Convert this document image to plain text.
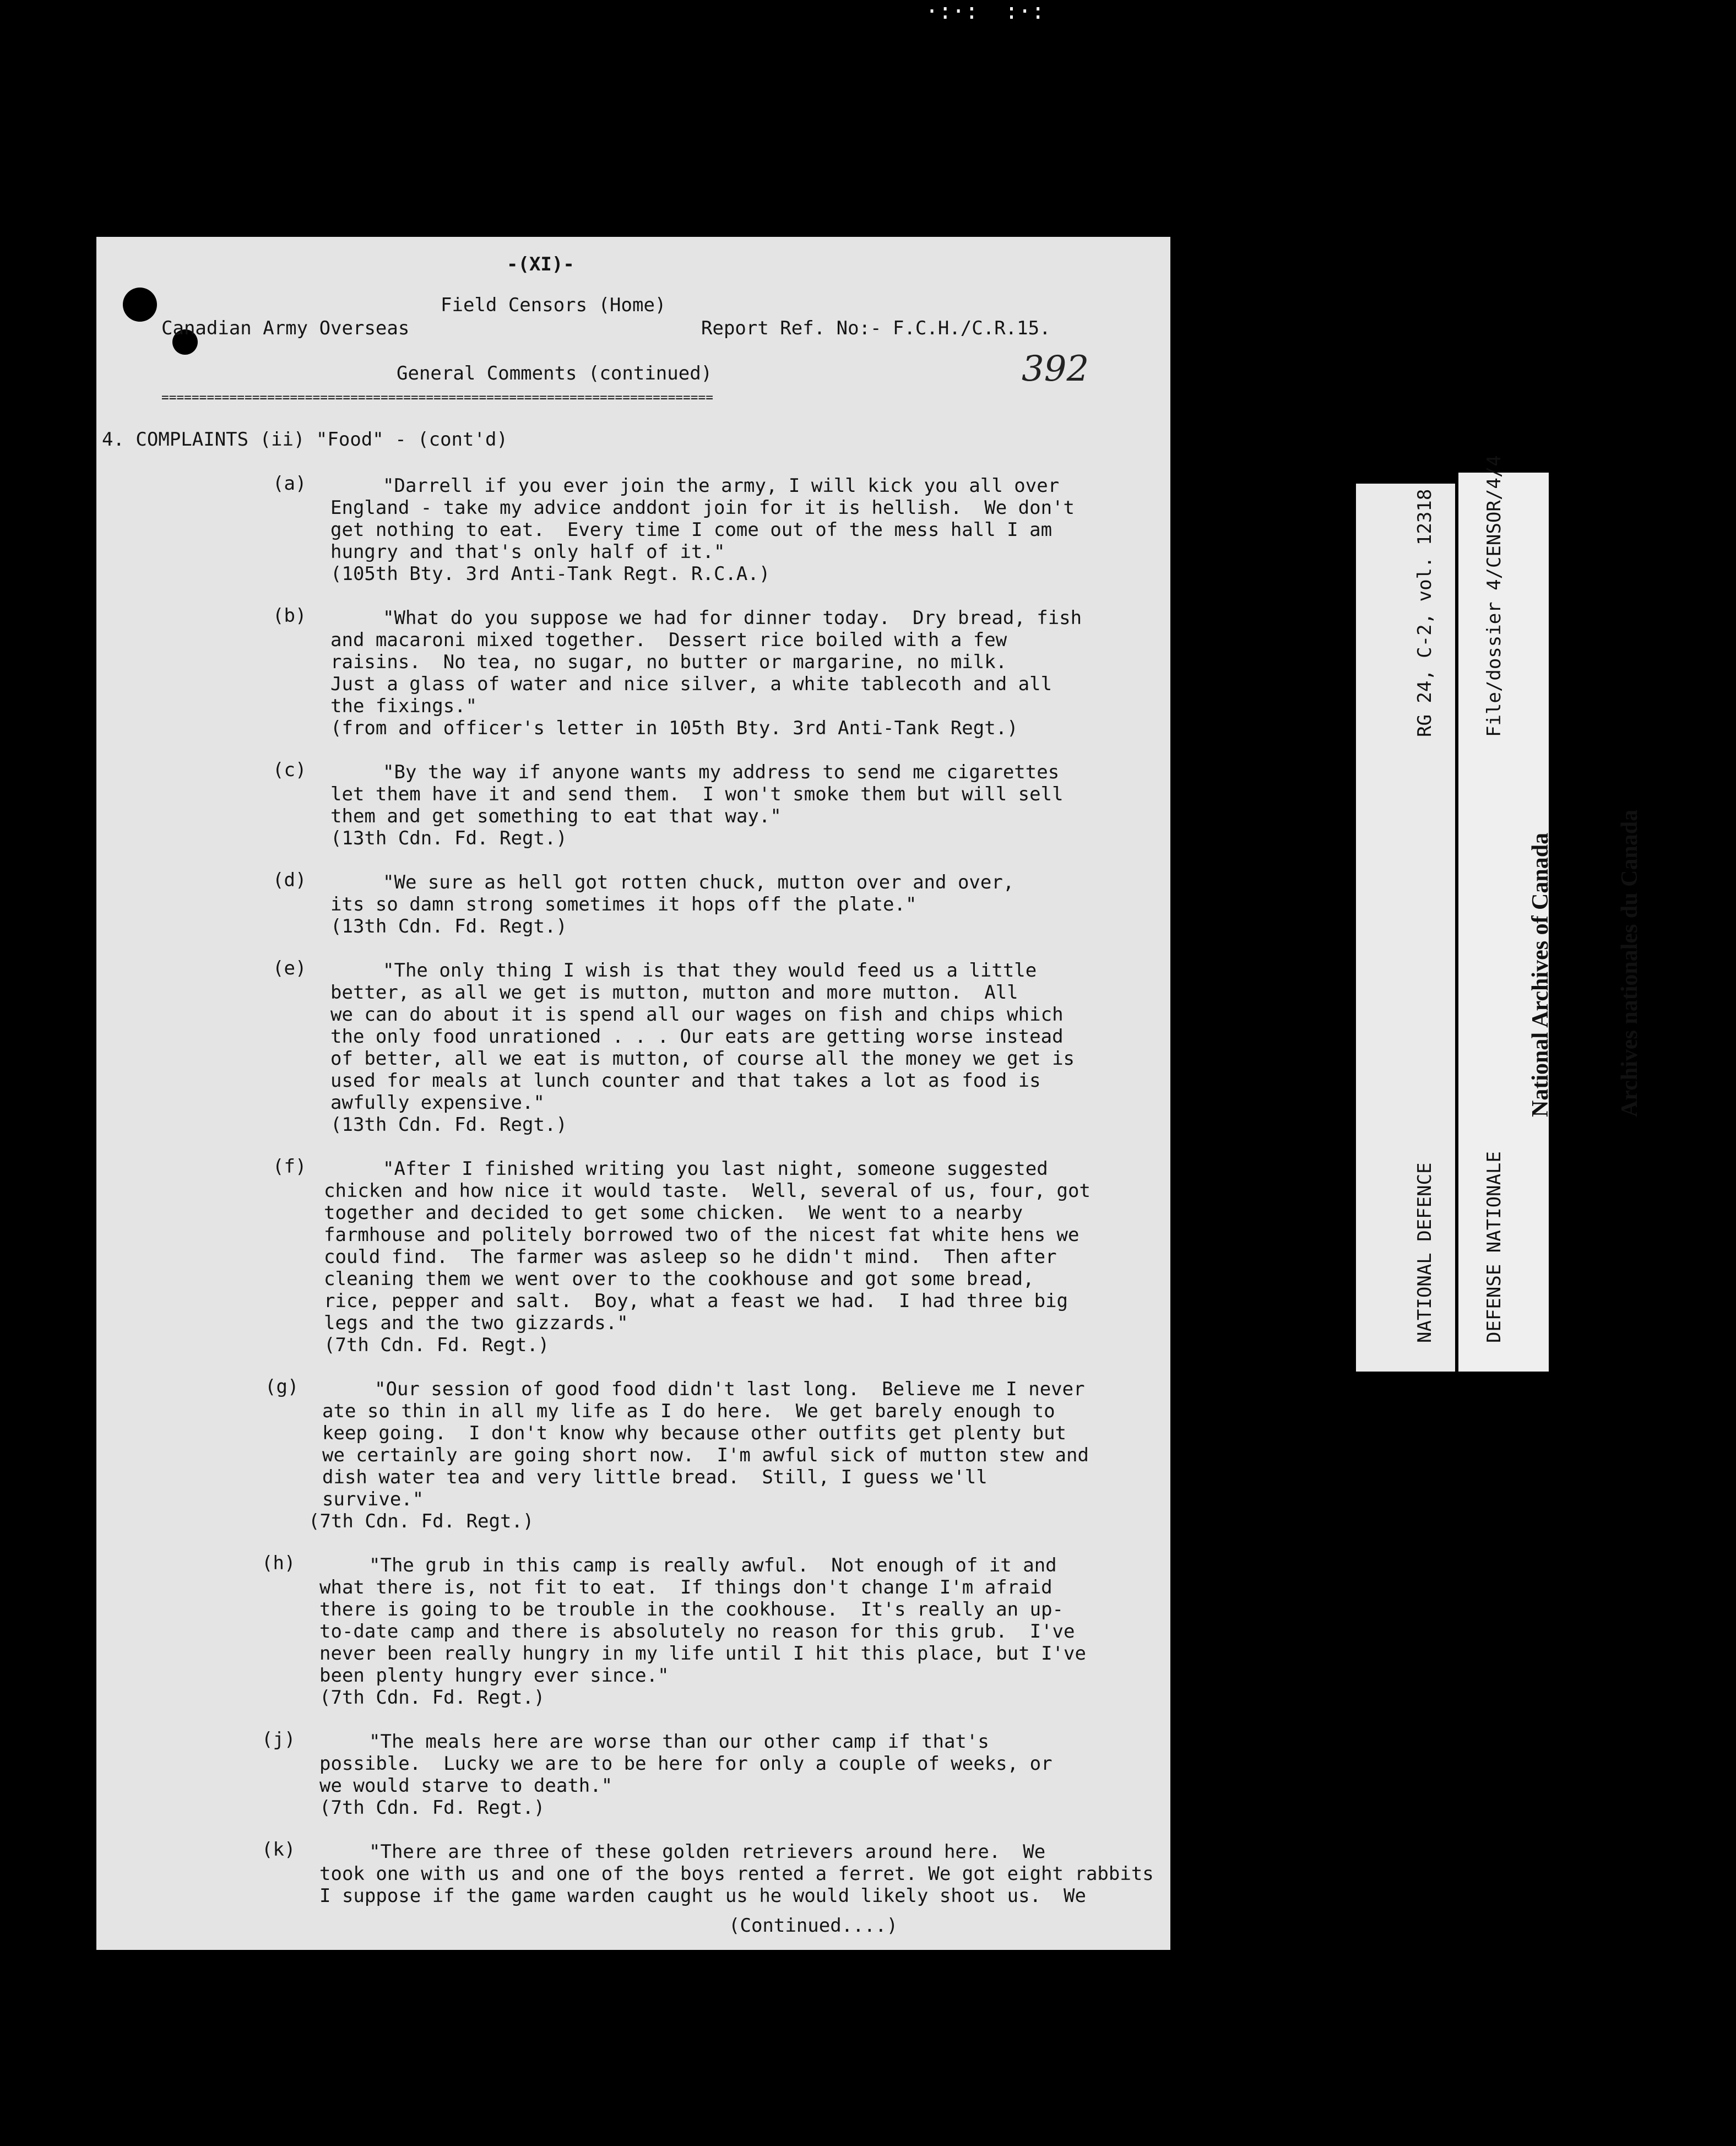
·:·:  :·:
-(XI)-
Field Censors (Home)
Canadian Army Overseas	Report Ref. No:- F.C.H./C.R.15.
General Comments (continued)	392
=========================================================================
4. COMPLAINTS (ii) "Food" - (cont'd)
(a)	"Darrell if you ever join the army, I will kick you all over
England - take my advice anddont join for it is hellish.  We don't
get nothing to eat.  Every time I come out of the mess hall I am
hungry and that's only half of it."
(105th Bty. 3rd Anti-Tank Regt. R.C.A.)
(b)	"What do you suppose we had for dinner today.  Dry bread, fish
and macaroni mixed together.  Dessert rice boiled with a few
raisins.  No tea, no sugar, no butter or margarine, no milk.
Just a glass of water and nice silver, a white tablecoth and all
the fixings."
(from and officer's letter in 105th Bty. 3rd Anti-Tank Regt.)
(c)	"By the way if anyone wants my address to send me cigarettes
let them have it and send them.  I won't smoke them but will sell
them and get something to eat that way."
(13th Cdn. Fd. Regt.)
(d)	"We sure as hell got rotten chuck, mutton over and over,
its so damn strong sometimes it hops off the plate."
(13th Cdn. Fd. Regt.)
(e)	"The only thing I wish is that they would feed us a little
better, as all we get is mutton, mutton and more mutton.  All
we can do about it is spend all our wages on fish and chips which
the only food unrationed . . . Our eats are getting worse instead
of better, all we eat is mutton, of course all the money we get is
used for meals at lunch counter and that takes a lot as food is
awfully expensive."
(13th Cdn. Fd. Regt.)
(f)	"After I finished writing you last night, someone suggested
chicken and how nice it would taste.  Well, several of us, four, got
together and decided to get some chicken.  We went to a nearby
farmhouse and politely borrowed two of the nicest fat white hens we
could find.  The farmer was asleep so he didn't mind.  Then after
cleaning them we went over to the cookhouse and got some bread,
rice, pepper and salt.  Boy, what a feast we had.  I had three big
legs and the two gizzards."
(7th Cdn. Fd. Regt.)
(g)	"Our session of good food didn't last long.  Believe me I never
ate so thin in all my life as I do here.  We get barely enough to
keep going.  I don't know why because other outfits get plenty but
we certainly are going short now.  I'm awful sick of mutton stew and
dish water tea and very little bread.  Still, I guess we'll
survive."
(7th Cdn. Fd. Regt.)
(h)	"The grub in this camp is really awful.  Not enough of it and
what there is, not fit to eat.  If things don't change I'm afraid
there is going to be trouble in the cookhouse.  It's really an up-
to-date camp and there is absolutely no reason for this grub.  I've
never been really hungry in my life until I hit this place, but I've
been plenty hungry ever since."
(7th Cdn. Fd. Regt.)
(j)	"The meals here are worse than our other camp if that's
possible.  Lucky we are to be here for only a couple of weeks, or
we would starve to death."
(7th Cdn. Fd. Regt.)
(k)	"There are three of these golden retrievers around here.  We
took one with us and one of the boys rented a ferret. We got eight rabbits
I suppose if the game warden caught us he would likely shoot us.  We
(Continued....)

RG 24, C-2, vol. 12318

	File/dossier 4/CENSOR/4/4

NATIONAL DEFENCE

	DEFENSE NATIONALE

National Archives of Canada

	Archives nationales du Canada
